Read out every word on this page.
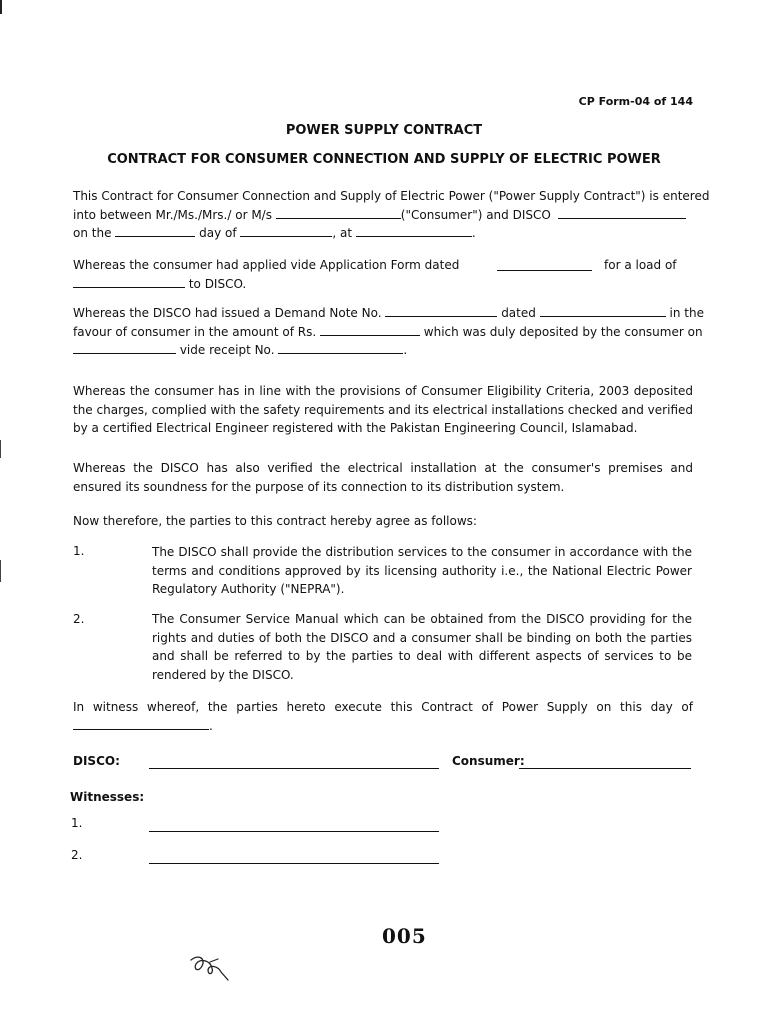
CP Form-04 of 144
POWER SUPPLY CONTRACT
CONTRACT FOR CONSUMER CONNECTION AND SUPPLY OF ELECTRIC POWER
This Contract for Consumer Connection and Supply of Electric Power ("Power Supply Contract") is entered
into between Mr./Ms./Mrs./ or M/s	("Consumer") and DISCO
on the	day of	, at	.
Whereas the consumer had applied vide Application Form dated	for a load of
to DISCO.
Whereas the DISCO had issued a Demand Note No.	dated	in the
favour of consumer in the amount of Rs.	which was duly deposited by the consumer on
vide receipt No.	.
Whereas the consumer has in line with the provisions of Consumer Eligibility Criteria, 2003 deposited the charges, complied with the safety requirements and its electrical installations checked and verified by a certified Electrical Engineer registered with the Pakistan Engineering Council, Islamabad.
Whereas the DISCO has also verified the electrical installation at the consumer's premises and ensured its soundness for the purpose of its connection to its distribution system.
Now therefore, the parties to this contract hereby agree as follows:
1.	The DISCO shall provide the distribution services to the consumer in accordance with the terms and conditions approved by its licensing authority i.e., the National Electric Power Regulatory Authority ("NEPRA").
2.	The Consumer Service Manual which can be obtained from the DISCO providing for the rights and duties of both the DISCO and a consumer shall be binding on both the parties and shall be referred to by the parties to deal with different aspects of services to be rendered by the DISCO.
In witness whereof, the parties hereto execute this Contract of Power Supply on this day of
.
DISCO:	Consumer:
Witnesses:
1.
2.
005
